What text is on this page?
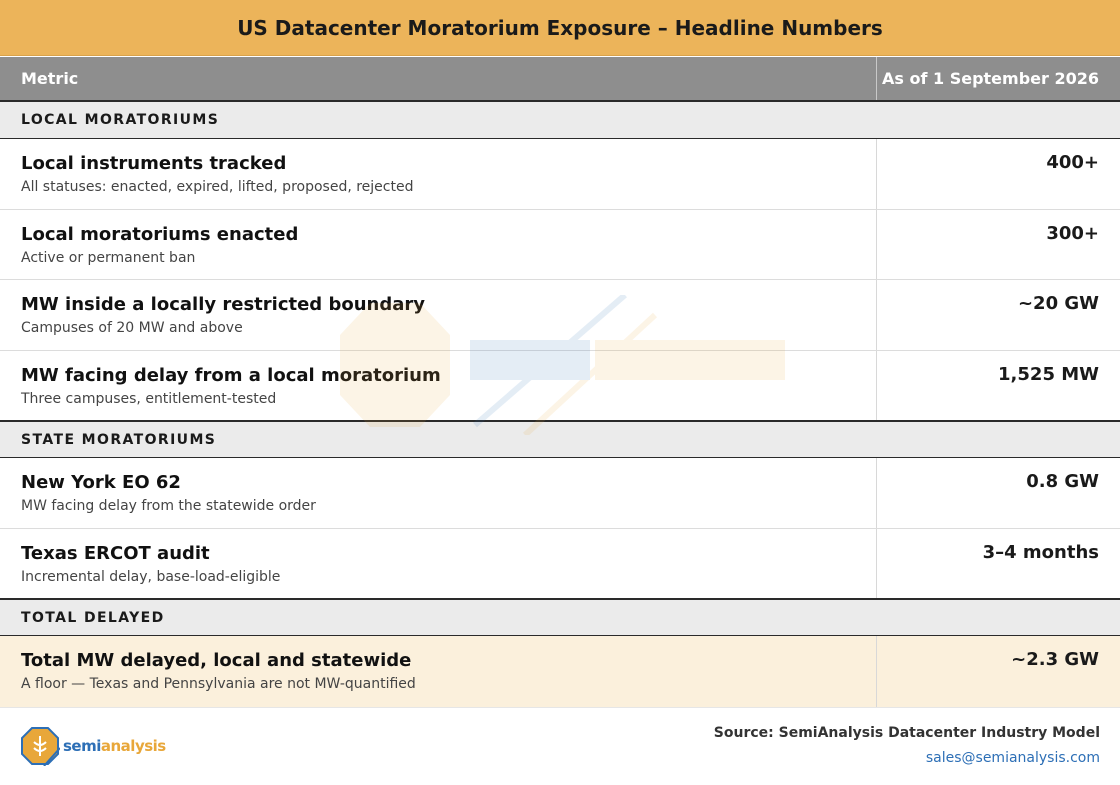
US Datacenter Moratorium Exposure – Headline Numbers
Metric	As of 1 September 2026
LOCAL MORATORIUMS
Local instruments tracked
All statuses: enacted, expired, lifted, proposed, rejected
400+
Local moratoriums enacted
Active or permanent ban
300+
MW inside a locally restricted boundary
Campuses of 20 MW and above
~20 GW
MW facing delay from a local moratorium
Three campuses, entitlement-tested
1,525 MW
STATE MORATORIUMS
New York EO 62
MW facing delay from the statewide order
0.8 GW
Texas ERCOT audit
Incremental delay, base-load-eligible
3–4 months
TOTAL DELAYED
Total MW delayed, local and statewide
A floor — Texas and Pennsylvania are not MW-quantified
~2.3 GW
semianalysis
Source: SemiAnalysis Datacenter Industry Model
sales@semianalysis.com
